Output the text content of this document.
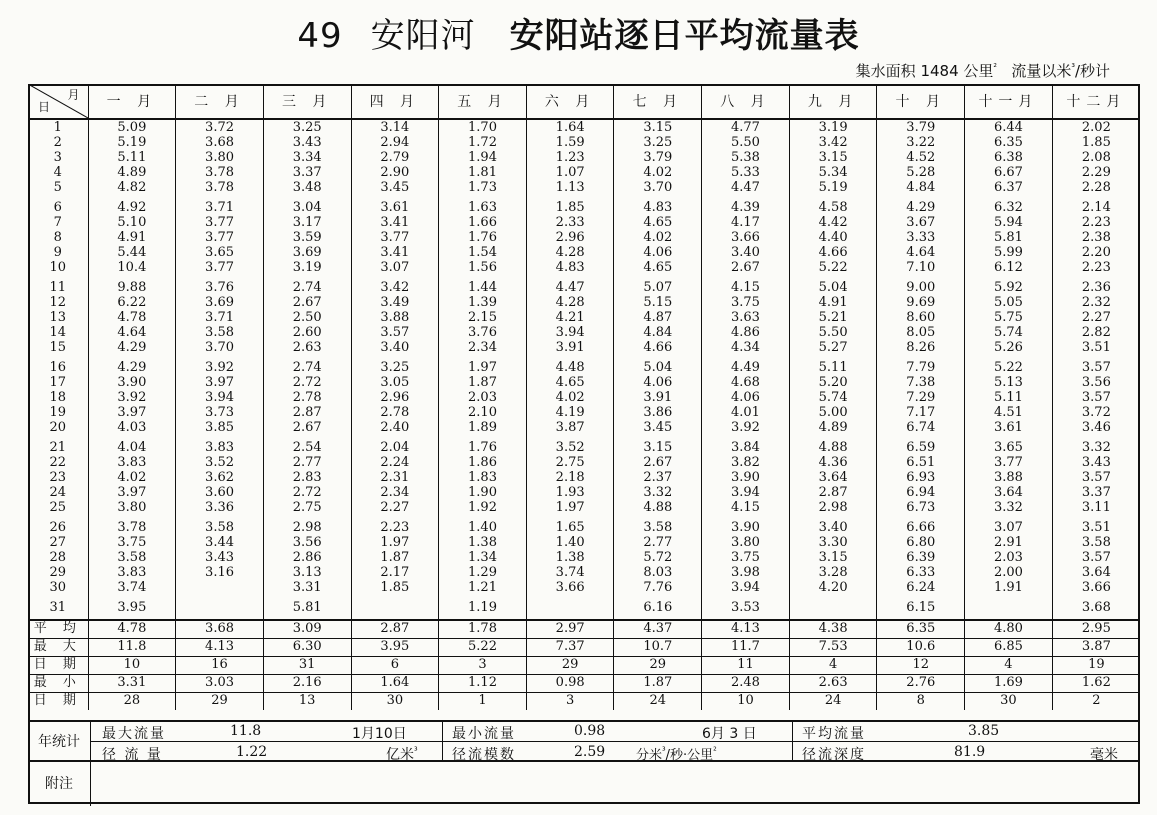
49 安阳河 安阳站逐日平均流量表
集水面积 1484 公里$^{^2}$ 流量以米$^{^3}$/秒计
月
日	一 月	二 月	三 月	四 月	五 月	六 月	七 月	八 月	九 月	十 月	十一月	十二月
1	5.09	3.72	3.25	3.14	1.70	1.64	3.15	4.77	3.19	3.79	6.44	2.02
2	5.19	3.68	3.43	2.94	1.72	1.59	3.25	5.50	3.42	3.22	6.35	1.85
3	5.11	3.80	3.34	2.79	1.94	1.23	3.79	5.38	3.15	4.52	6.38	2.08
4	4.89	3.78	3.37	2.90	1.81	1.07	4.02	5.33	5.34	5.28	6.67	2.29
5	4.82	3.78	3.48	3.45	1.73	1.13	3.70	4.47	5.19	4.84	6.37	2.28

6	4.92	3.71	3.04	3.61	1.63	1.85	4.83	4.39	4.58	4.29	6.32	2.14
7	5.10	3.77	3.17	3.41	1.66	2.33	4.65	4.17	4.42	3.67	5.94	2.23
8	4.91	3.77	3.59	3.77	1.76	2.96	4.02	3.66	4.40	3.33	5.81	2.38
9	5.44	3.65	3.69	3.41	1.54	4.28	4.06	3.40	4.66	4.64	5.99	2.20
10	10.4	3.77	3.19	3.07	1.56	4.83	4.65	2.67	5.22	7.10	6.12	2.23

11	9.88	3.76	2.74	3.42	1.44	4.47	5.07	4.15	5.04	9.00	5.92	2.36
12	6.22	3.69	2.67	3.49	1.39	4.28	5.15	3.75	4.91	9.69	5.05	2.32
13	4.78	3.71	2.50	3.88	2.15	4.21	4.87	3.63	5.21	8.60	5.75	2.27
14	4.64	3.58	2.60	3.57	3.76	3.94	4.84	4.86	5.50	8.05	5.74	2.82
15	4.29	3.70	2.63	3.40	2.34	3.91	4.66	4.34	5.27	8.26	5.26	3.51

16	4.29	3.92	2.74	3.25	1.97	4.48	5.04	4.49	5.11	7.79	5.22	3.57
17	3.90	3.97	2.72	3.05	1.87	4.65	4.06	4.68	5.20	7.38	5.13	3.56
18	3.92	3.94	2.78	2.96	2.03	4.02	3.91	4.06	5.74	7.29	5.11	3.57
19	3.97	3.73	2.87	2.78	2.10	4.19	3.86	4.01	5.00	7.17	4.51	3.72
20	4.03	3.85	2.67	2.40	1.89	3.87	3.45	3.92	4.89	6.74	3.61	3.46

21	4.04	3.83	2.54	2.04	1.76	3.52	3.15	3.84	4.88	6.59	3.65	3.32
22	3.83	3.52	2.77	2.24	1.86	2.75	2.67	3.82	4.36	6.51	3.77	3.43
23	4.02	3.62	2.83	2.31	1.83	2.18	2.37	3.90	3.64	6.93	3.88	3.57
24	3.97	3.60	2.72	2.34	1.90	1.93	3.32	3.94	2.87	6.94	3.64	3.37
25	3.80	3.36	2.75	2.27	1.92	1.97	4.88	4.15	2.98	6.73	3.32	3.11

26	3.78	3.58	2.98	2.23	1.40	1.65	3.58	3.90	3.40	6.66	3.07	3.51
27	3.75	3.44	3.56	1.97	1.38	1.40	2.77	3.80	3.30	6.80	2.91	3.58
28	3.58	3.43	2.86	1.87	1.34	1.38	5.72	3.75	3.15	6.39	2.03	3.57
29	3.83	3.16	3.13	2.17	1.29	3.74	8.03	3.98	3.28	6.33	2.00	3.64
30	3.74		3.31	1.85	1.21	3.66	7.76	3.94	4.20	6.24	1.91	3.66

31	3.95		5.81		1.19		6.16	3.53		6.15		3.68

平 均	4.78	3.68	3.09	2.87	1.78	2.97	4.37	4.13	4.38	6.35	4.80	2.95
最 大	11.8	4.13	6.30	3.95	5.22	7.37	10.7	11.7	7.53	10.6	6.85	3.87
日 期	10	16	31	6	3	29	29	11	4	12	4	19
最 小	3.31	3.03	2.16	1.64	1.12	0.98	1.87	2.48	2.63	2.76	1.69	1.62
日 期	28	29	13	30	1	3	24	10	24	8	30	2
年统计	最大流量	11.8	1月10日	最小流量	0.98	6月 3 日	平均流量	3.85
径 流 量	1.22	亿米$^{^3}$ 径流模数	2.59 分米$^{^3}$/秒·公里$^{^2}$	径流深度	81.9	毫米
附注
